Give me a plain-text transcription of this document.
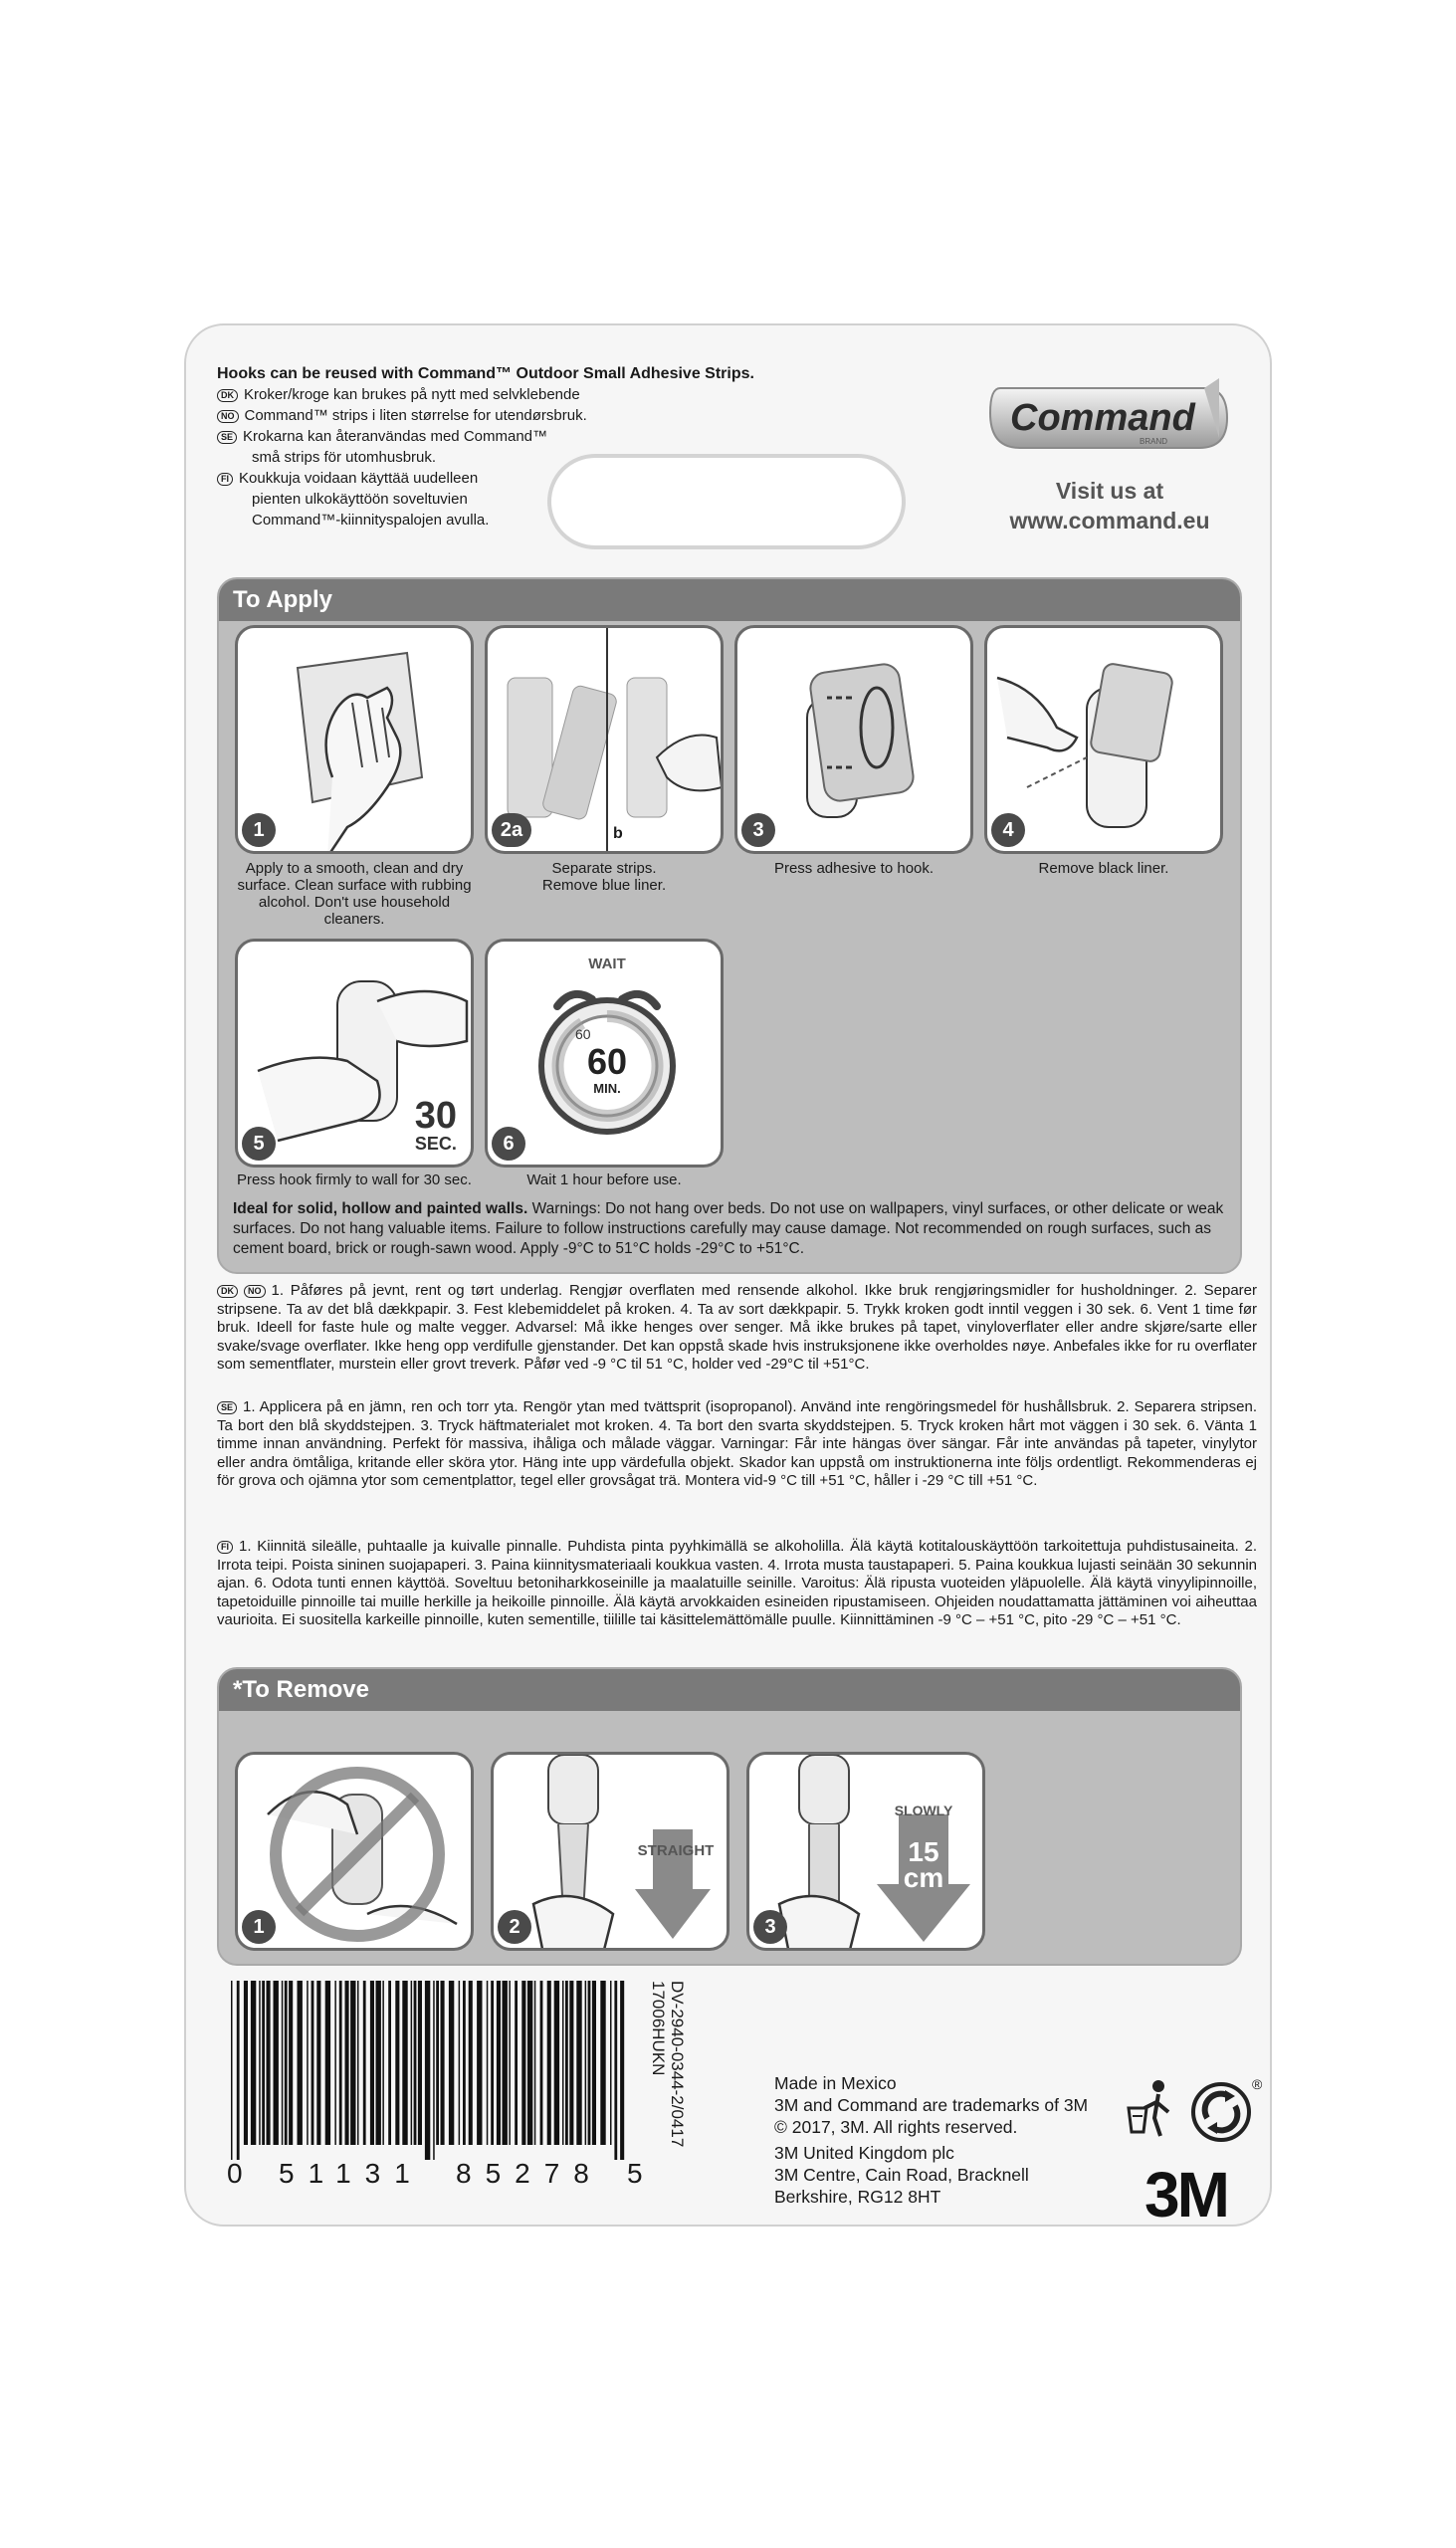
Hooks can be reused with Command™ Outdoor Small Adhesive Strips.
DK Kroker/kroge kan brukes på nytt med selvklebende
NO Command™ strips i liten størrelse for utendørsbruk.
SE Krokarna kan återanvändas med Command™
små strips för utomhusbruk.
FI Koukkuja voidaan käyttää uudelleen
pienten ulkokäyttöön soveltuvien
Command™-kiinnityspalojen avulla.
Command
BRAND
Visit us at
www.command.eu
To Apply
1	2a	b	3	4
5
30
SEC.
WAIT
60
60
MIN.
6
Apply to a smooth, clean and dry surface. Clean surface with rubbing alcohol. Don't use household cleaners.
Separate strips. Remove blue liner.
Press adhesive to hook.	Remove black liner.
Press hook firmly to wall for 30 sec.	Wait 1 hour before use.
Ideal for solid, hollow and painted walls. Warnings: Do not hang over beds. Do not use on wallpapers, vinyl surfaces, or other delicate or weak surfaces. Do not hang valuable items. Failure to follow instructions carefully may cause damage. Not recommended on rough surfaces, such as cement board, brick or rough-sawn wood. Apply -9°C to 51°C holds -29°C to +51°C.
DK NO 1. Påføres på jevnt, rent og tørt underlag. Rengjør overflaten med rensende alkohol. Ikke bruk rengjøringsmidler for husholdninger. 2. Separer stripsene. Ta av det blå dækkpapir. 3. Fest klebemiddelet på kroken. 4. Ta av sort dækkpapir. 5. Trykk kroken godt inntil veggen i 30 sek. 6. Vent 1 time før bruk. Ideell for faste hule og malte vegger. Advarsel: Må ikke henges over senger. Må ikke brukes på tapet, vinyloverflater eller andre skjøre/sarte eller svake/svage overflater. Ikke heng opp verdifulle gjenstander. Det kan oppstå skade hvis instruksjonene ikke overholdes nøye. Anbefales ikke for ru overflater som sementflater, murstein eller grovt treverk. Påfør ved -9 °C til 51 °C, holder ved -29°C til +51°C.
SE 1. Applicera på en jämn, ren och torr yta. Rengör ytan med tvättsprit (isopropanol). Använd inte rengöringsmedel för hushållsbruk. 2. Separera stripsen. Ta bort den blå skyddstejpen. 3. Tryck häftmaterialet mot kroken. 4. Ta bort den svarta skyddstejpen. 5. Tryck kroken hårt mot väggen i 30 sek. 6. Vänta 1 timme innan användning. Perfekt för massiva, ihåliga och målade väggar. Varningar: Får inte hängas över sängar. Får inte användas på tapeter, vinylytor eller andra ömtåliga, kritande eller sköra ytor. Häng inte upp värdefulla objekt. Skador kan uppstå om instruktionerna inte följs ordentligt. Rekommenderas ej för grova och ojämna ytor som cementplattor, tegel eller grovsågat trä. Montera vid-9 °C till +51 °C, håller i -29 °C till +51 °C.
FI 1. Kiinnitä sileälle, puhtaalle ja kuivalle pinnalle. Puhdista pinta pyyhkimällä se alkoholilla. Älä käytä kotitalouskäyttöön tarkoitettuja puhdistusaineita. 2. Irrota teipi. Poista sininen suojapaperi. 3. Paina kiinnitysmateriaali koukkua vasten. 4. Irrota musta taustapaperi. 5. Paina koukkua lujasti seinään 30 sekunnin ajan. 6. Odota tunti ennen käyttöä. Soveltuu betoniharkkoseinille ja maalatuille seinille. Varoitus: Älä ripusta vuoteiden yläpuolelle. Älä käytä vinyylipinnoille, tapetoiduille pinnoille tai muille herkille ja heikoille pinnoille. Älä käytä arvokkaiden esineiden ripustamiseen. Ohjeiden noudattamatta jättäminen voi aiheuttaa vaurioita. Ei suositella karkeille pinnoille, kuten sementille, tiilille tai käsittelemättömälle puulle. Kiinnittäminen -9 °C – +51 °C, pito -29 °C – +51 °C.
*To Remove
1
STRAIGHT
2
SLOWLY
15
cm
3
0 51131 85278 5
DV-2940-0344-2/0417
17006HUKN
Made in Mexico
3M and Command are trademarks of 3M
© 2017, 3M. All rights reserved.
3M United Kingdom plc
3M Centre, Cain Road, Bracknell
Berkshire, RG12 8HT
®
3M
